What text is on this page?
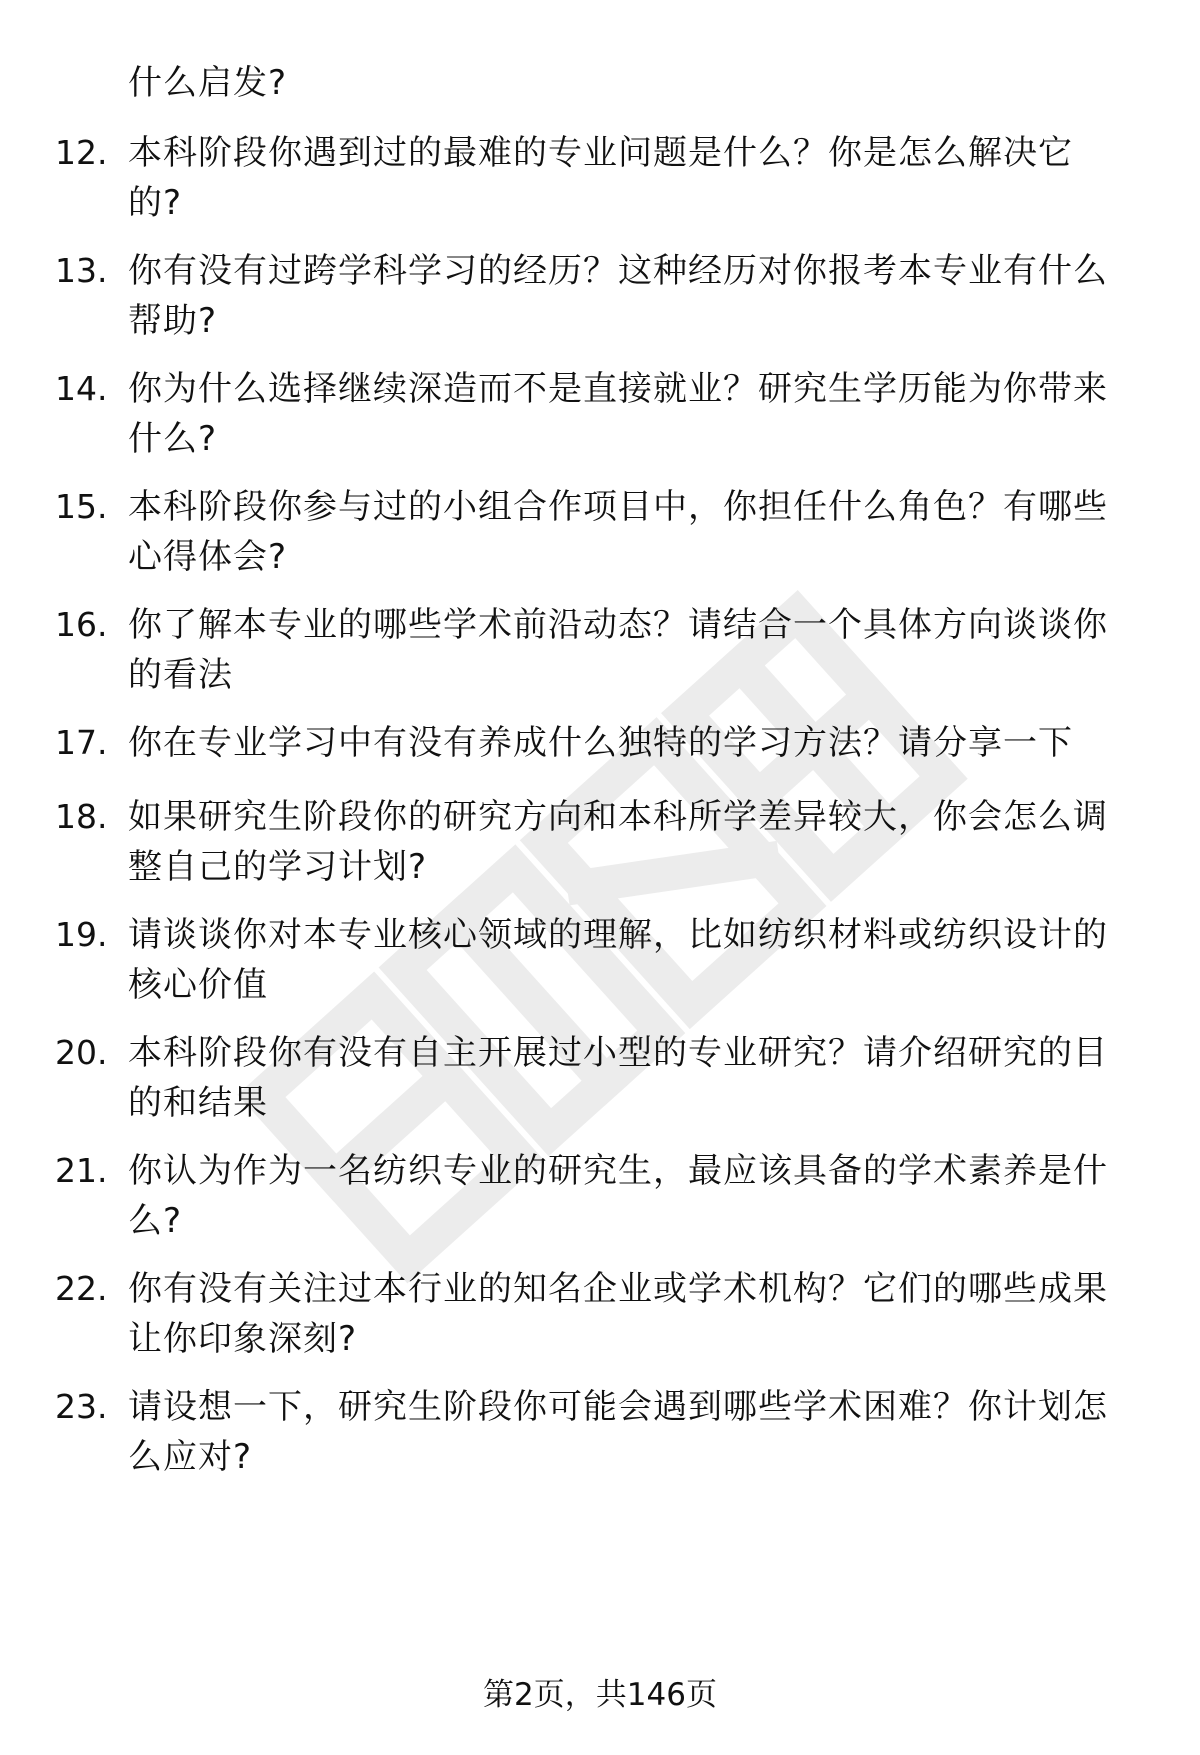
什么启发?
12. 本科阶段你遇到过的最难的专业问题是什么？你是怎么解决它
的?
13. 你有没有过跨学科学习的经历？这种经历对你报考本专业有什么
帮助?
14. 你为什么选择继续深造而不是直接就业？研究生学历能为你带来
什么?
15. 本科阶段你参与过的小组合作项目中，你担任什么角色？有哪些
心得体会?
16. 你了解本专业的哪些学术前沿动态？请结合一个具体方向谈谈你
的看法
17. 你在专业学习中有没有养成什么独特的学习方法？请分享一下
18. 如果研究生阶段你的研究方向和本科所学差异较大，你会怎么调
整自己的学习计划?
19. 请谈谈你对本专业核心领域的理解，比如纺织材料或纺织设计的
核心价值
20. 本科阶段你有没有自主开展过小型的专业研究？请介绍研究的目
的和结果
21. 你认为作为一名纺织专业的研究生，最应该具备的学术素养是什
么?
22. 你有没有关注过本行业的知名企业或学术机构？它们的哪些成果
让你印象深刻?
23. 请设想一下，研究生阶段你可能会遇到哪些学术困难？你计划怎
么应对?
第2页，共146页
